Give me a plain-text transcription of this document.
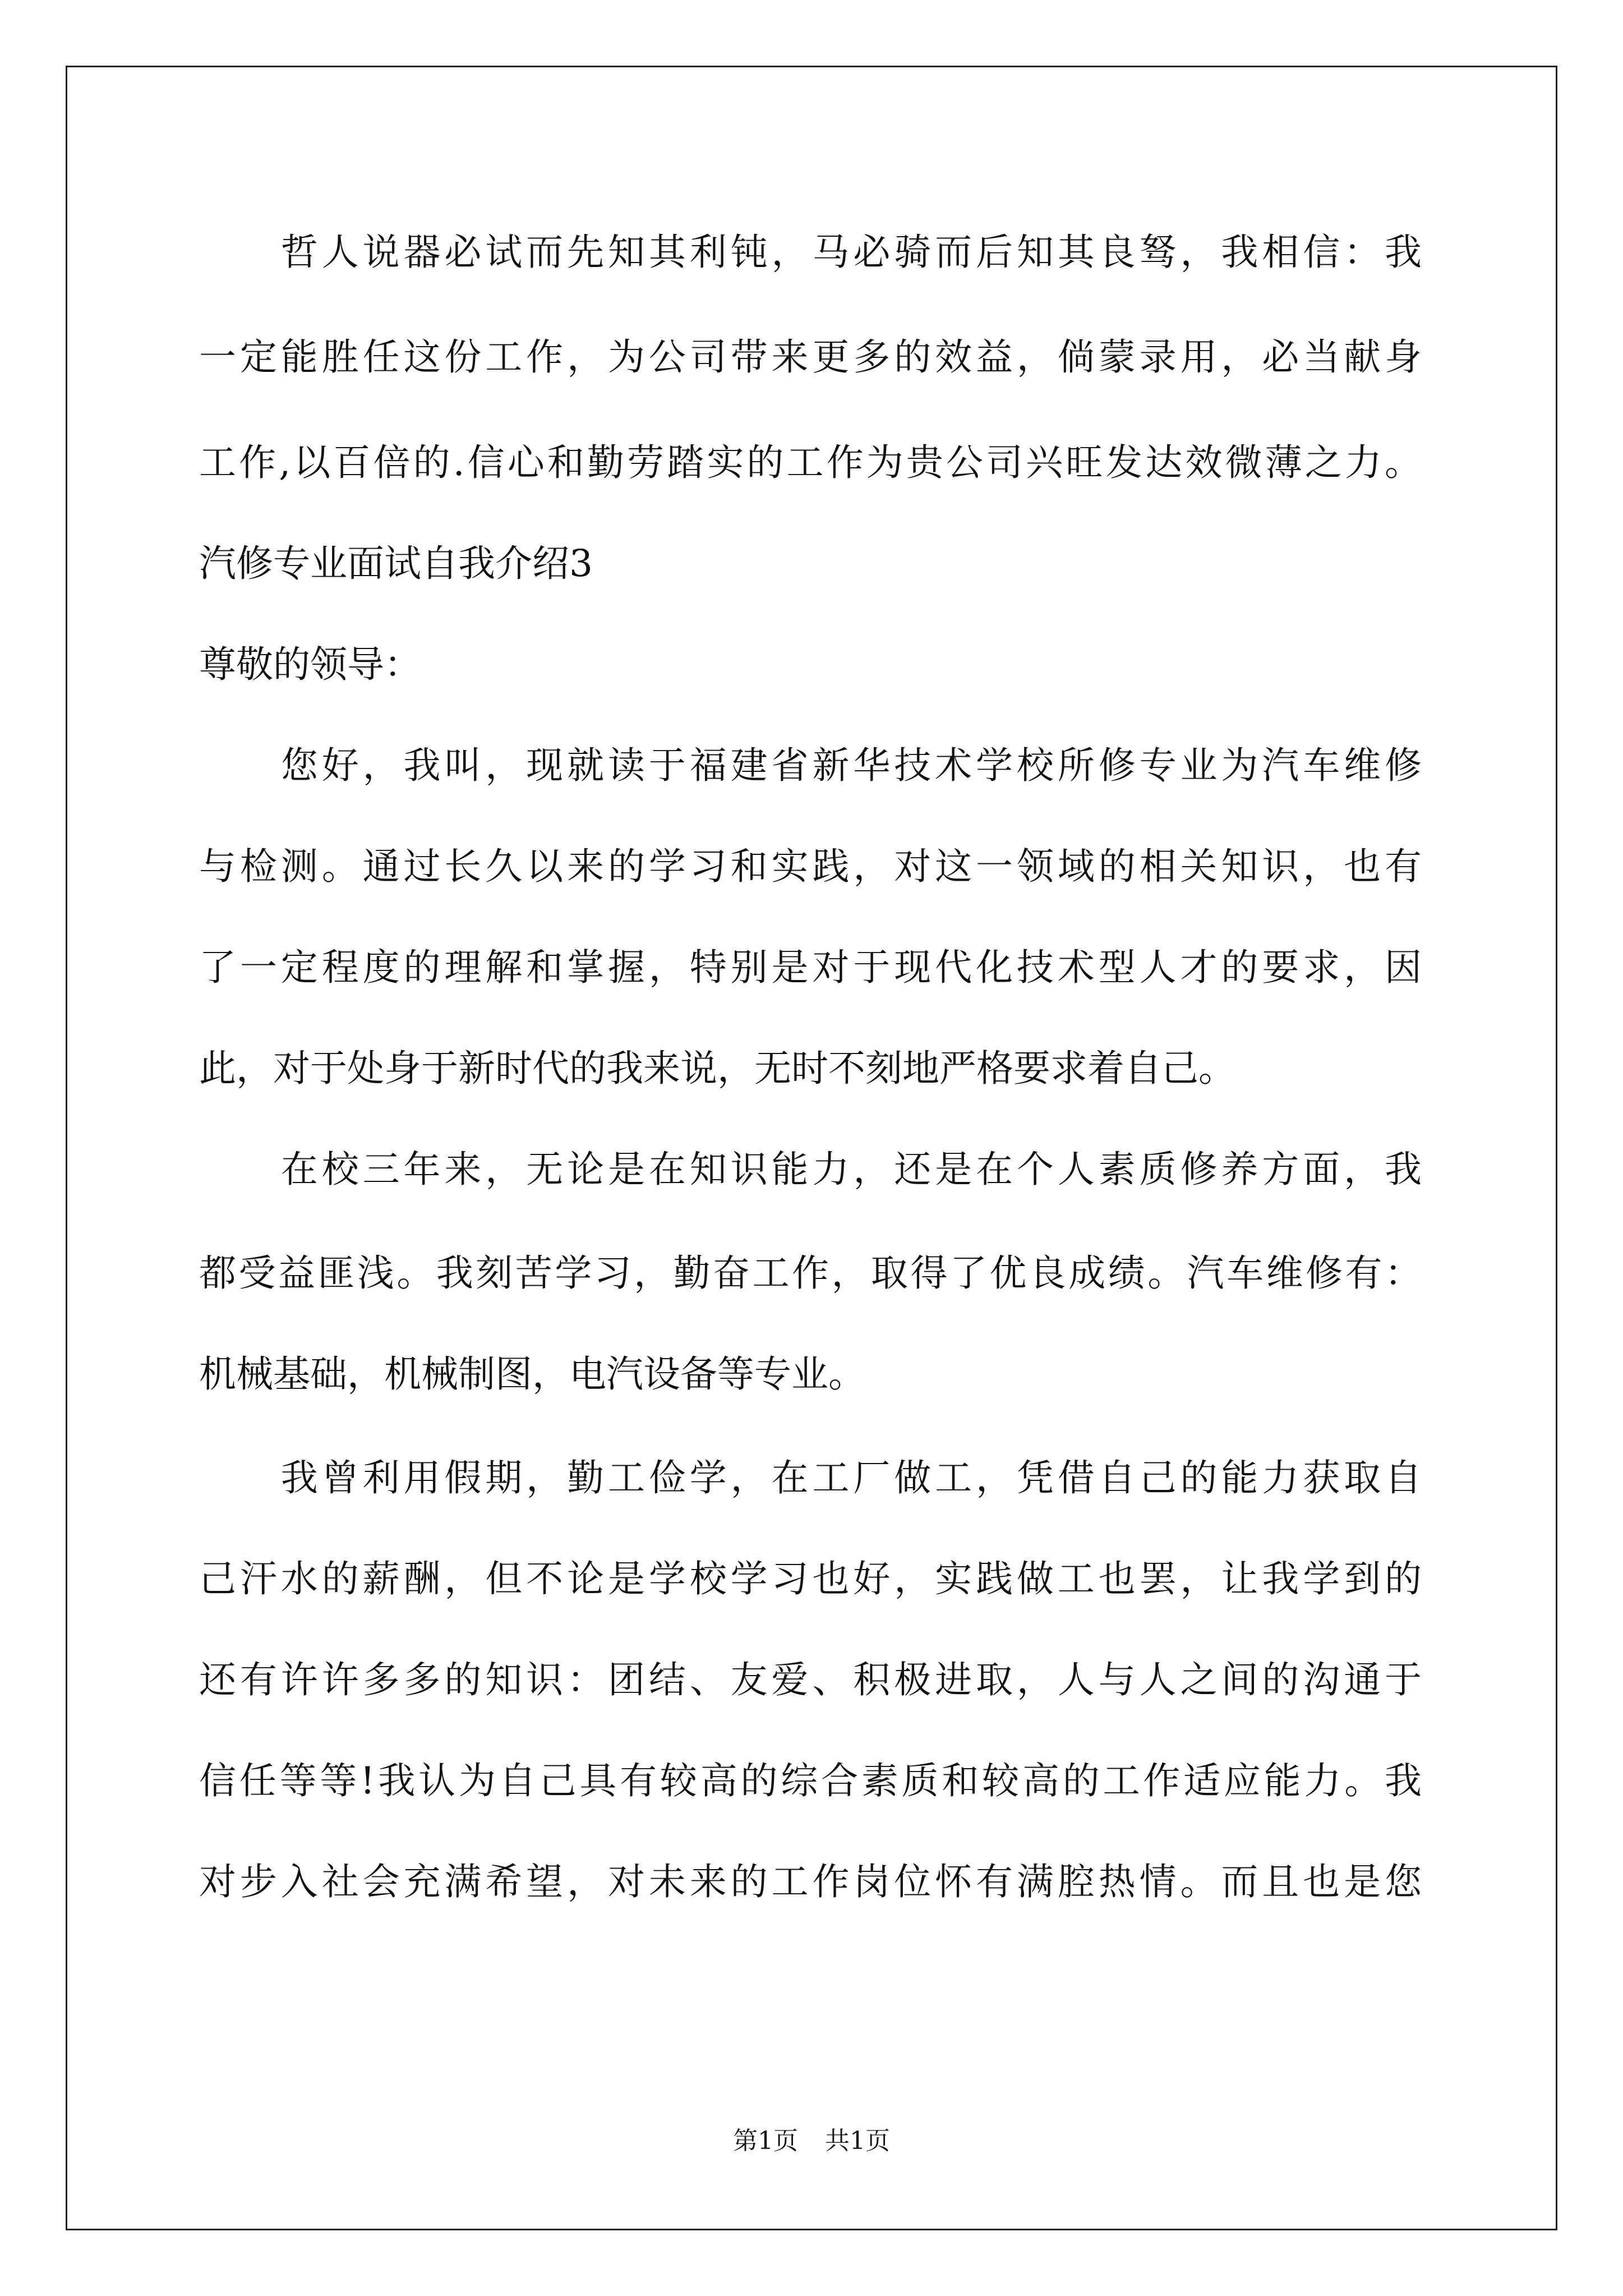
　　哲人说器必试而先知其利钝，马必骑而后知其良驽，我相信：我
一定能胜任这份工作，为公司带来更多的效益，倘蒙录用，必当献身
工作,以百倍的.信心和勤劳踏实的工作为贵公司兴旺发达效微薄之力。
汽修专业面试自我介绍3
尊敬的领导：
　　您好，我叫，现就读于福建省新华技术学校所修专业为汽车维修
与检测。通过长久以来的学习和实践，对这一领域的相关知识，也有
了一定程度的理解和掌握，特别是对于现代化技术型人才的要求，因
此，对于处身于新时代的我来说，无时不刻地严格要求着自己。
　　在校三年来，无论是在知识能力，还是在个人素质修养方面，我
都受益匪浅。我刻苦学习，勤奋工作，取得了优良成绩。汽车维修有：
机械基础，机械制图，电汽设备等专业。
　　我曾利用假期，勤工俭学，在工厂做工，凭借自己的能力获取自
己汗水的薪酬，但不论是学校学习也好，实践做工也罢，让我学到的
还有许许多多的知识：团结、友爱、积极进取，人与人之间的沟通于
信任等等!我认为自己具有较高的综合素质和较高的工作适应能力。我
对步入社会充满希望，对未来的工作岗位怀有满腔热情。而且也是您
第1页 共1页
